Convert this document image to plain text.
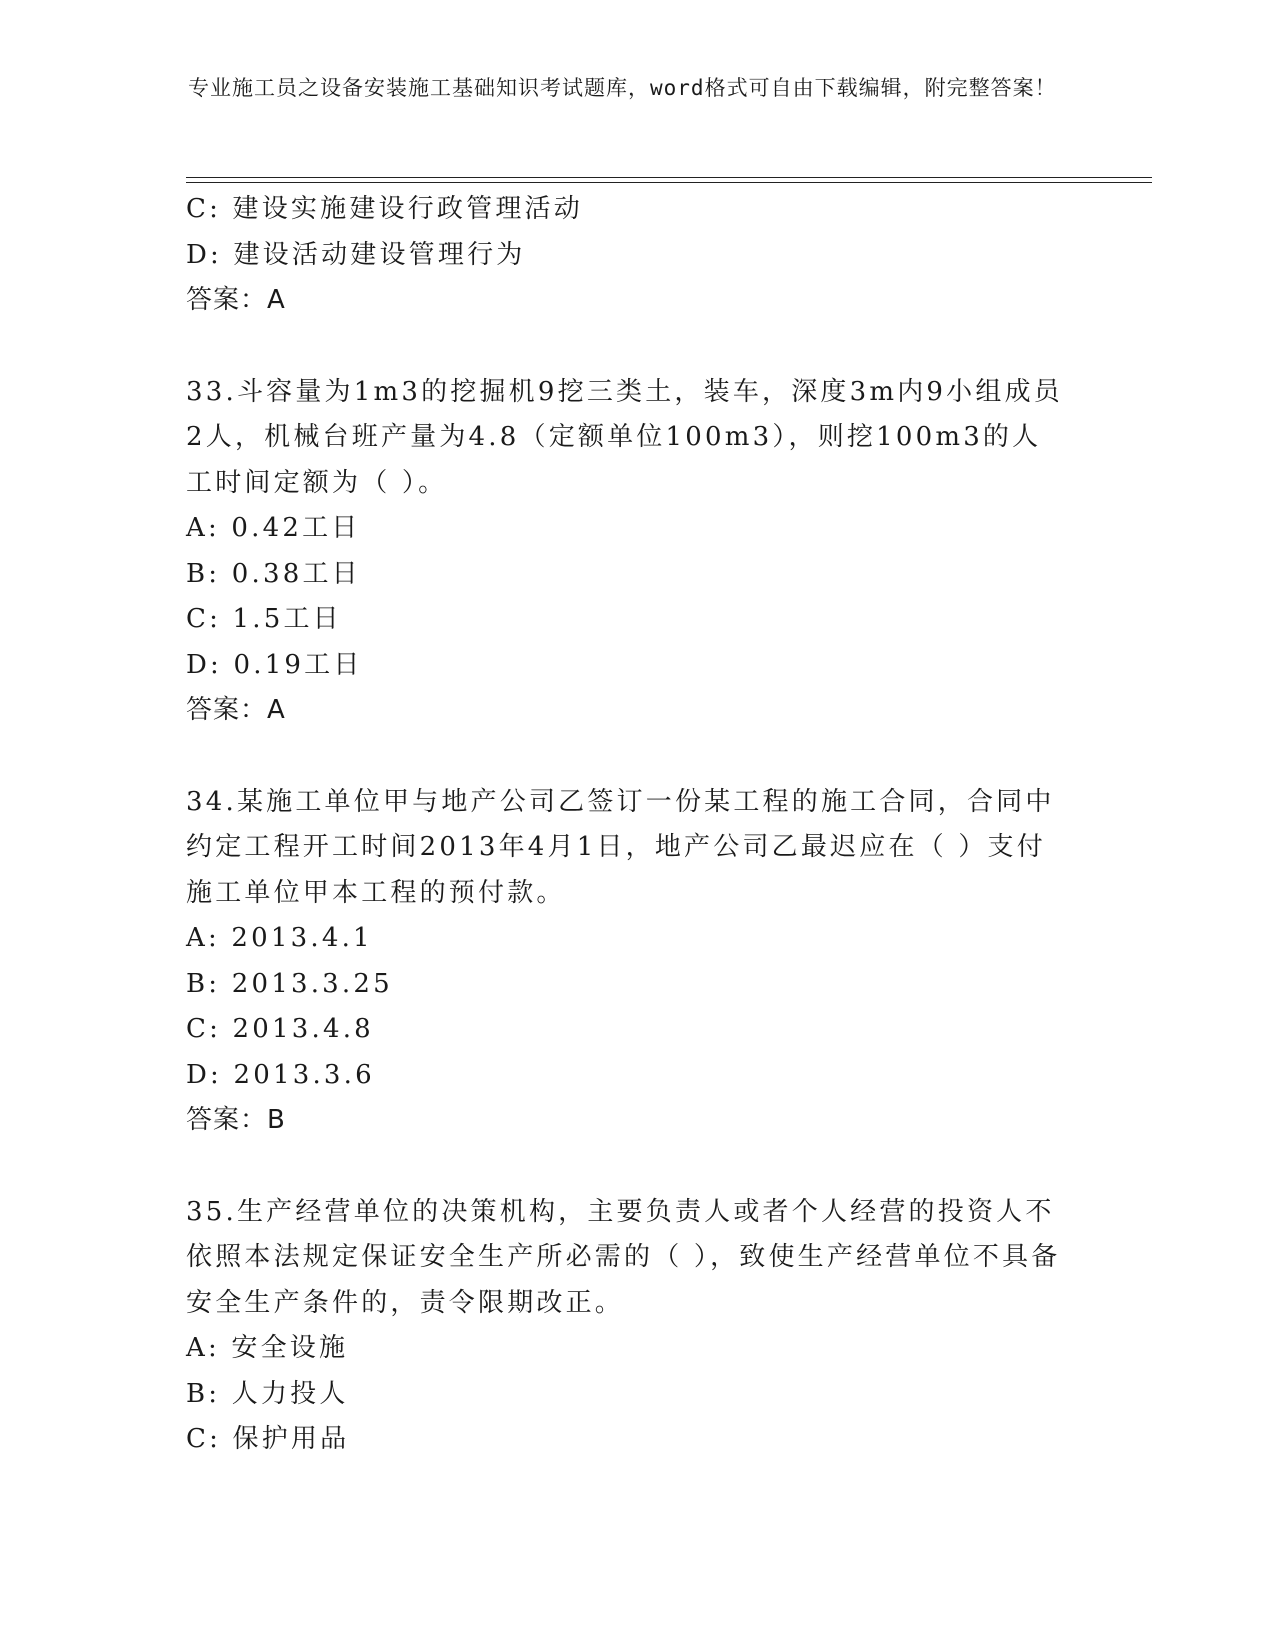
专业施工员之设备安装施工基础知识考试题库，word格式可自由下载编辑，附完整答案！
C: 建设实施建设行政管理活动
D: 建设活动建设管理行为
答案：A
33.斗容量为1m3的挖掘机9挖三类土，装车，深度3m内9小组成员2人，机械台班产量为4.8（定额单位100m3），则挖100m3的人工时间定额为（ ）。
A: 0.42工日
B: 0.38工日
C: 1.5工日
D: 0.19工日
答案：A
34.某施工单位甲与地产公司乙签订一份某工程的施工合同，合同中约定工程开工时间2013年4月1日，地产公司乙最迟应在（ ）支付施工单位甲本工程的预付款。
A: 2013.4.1
B: 2013.3.25
C: 2013.4.8
D: 2013.3.6
答案：B
35.生产经营单位的决策机构，主要负责人或者个人经营的投资人不依照本法规定保证安全生产所必需的（ ），致使生产经营单位不具备安全生产条件的，责令限期改正。
A: 安全设施
B: 人力投人
C: 保护用品
